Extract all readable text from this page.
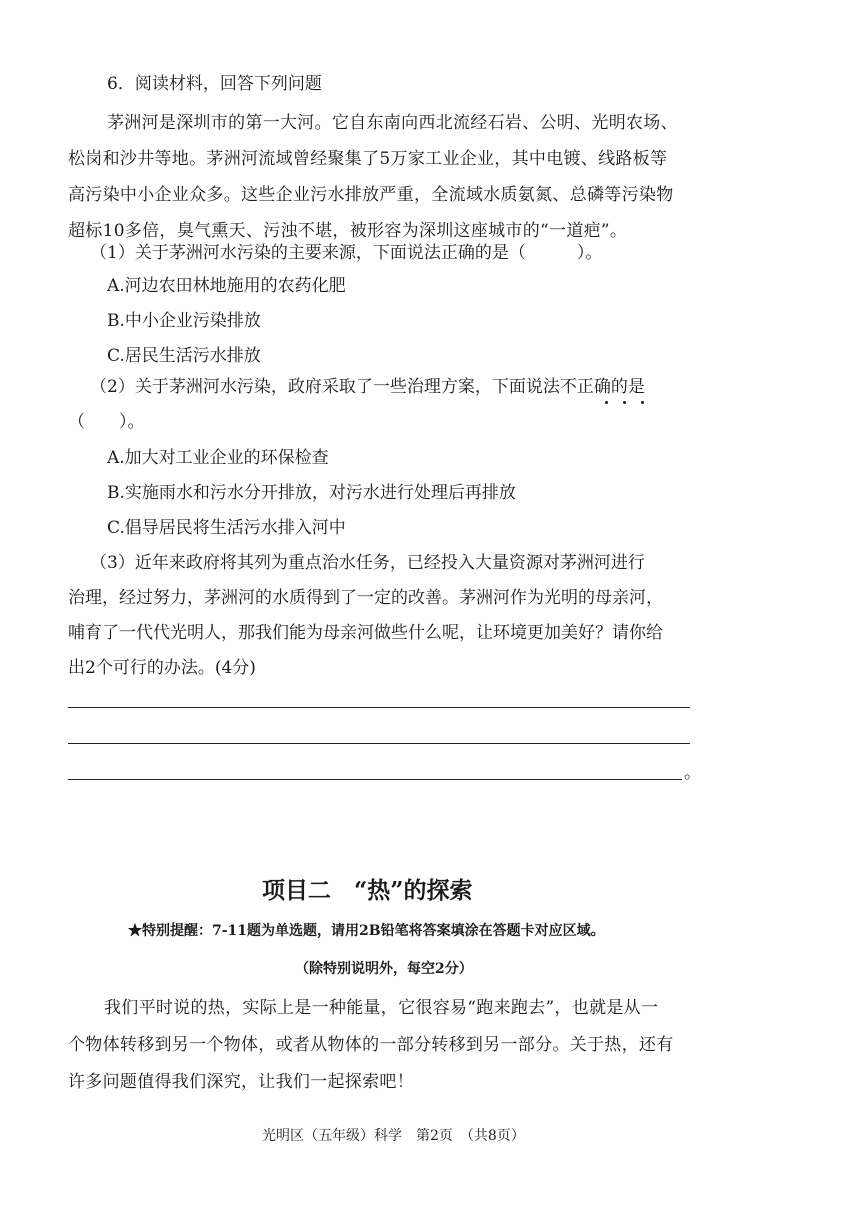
6．阅读材料，回答下列问题
茅洲河是深圳市的第一大河。它自东南向西北流经石岩、公明、光明农场、
松岗和沙井等地。茅洲河流域曾经聚集了5万家工业企业，其中电镀、线路板等
高污染中小企业众多。这些企业污水排放严重，全流域水质氨氮、总磷等污染物
超标10多倍，臭气熏天、污浊不堪，被形容为深圳这座城市的“一道疤”。
（1）关于茅洲河水污染的主要来源，下面说法正确的是（　　　）。
A.河边农田林地施用的农药化肥
B.中小企业污染排放
C.居民生活污水排放
（2）关于茅洲河水污染，政府采取了一些治理方案，下面说法不正确的是
（　　）。
A.加大对工业企业的环保检查
B.实施雨水和污水分开排放，对污水进行处理后再排放
C.倡导居民将生活污水排入河中
（3）近年来政府将其列为重点治水任务，已经投入大量资源对茅洲河进行
治理，经过努力，茅洲河的水质得到了一定的改善。茅洲河作为光明的母亲河，
哺育了一代代光明人，那我们能为母亲河做些什么呢，让环境更加美好？请你给
出2个可行的办法。(4分)
。
项目二　“热”的探索
★特别提醒：7-11题为单选题，请用2B铅笔将答案填涂在答题卡对应区域。
（除特别说明外，每空2分）
我们平时说的热，实际上是一种能量，它很容易“跑来跑去”，也就是从一
个物体转移到另一个物体，或者从物体的一部分转移到另一部分。关于热，还有
许多问题值得我们深究，让我们一起探索吧！
光明区（五年级）科学　第2页　（共8页）
